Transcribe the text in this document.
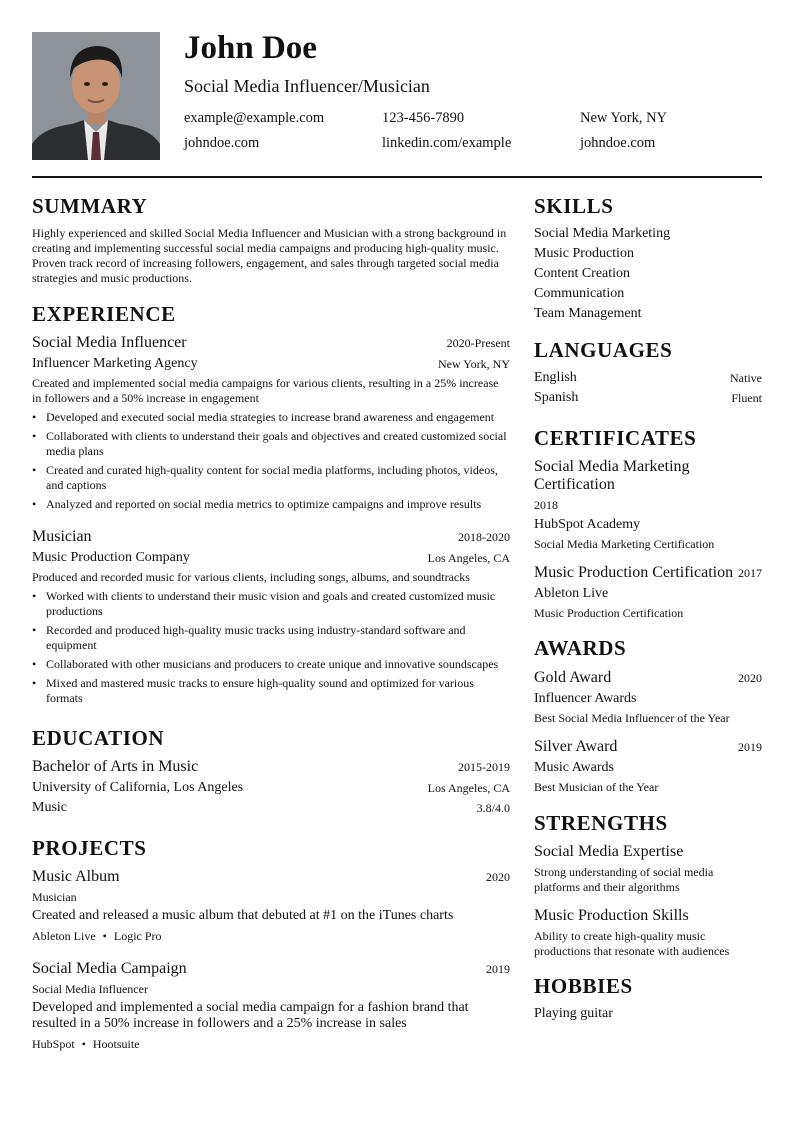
John Doe
Social Media Influencer/Musician
example@example.com	123-456-7890	New York, NY
johndoe.com	linkedin.com/example	johndoe.com
SUMMARY
Highly experienced and skilled Social Media Influencer and Musician with a strong background in creating and implementing successful social media campaigns and producing high-quality music. Proven track record of increasing followers, engagement, and sales through targeted social media strategies and music productions.
EXPERIENCE
Social Media Influencer	2020-Present
Influencer Marketing Agency	New York, NY
Created and implemented social media campaigns for various clients, resulting in a 25% increase in followers and a 50% increase in engagement
• Developed and executed social media strategies to increase brand awareness and engagement
• Collaborated with clients to understand their goals and objectives and created customized social media plans
• Created and curated high-quality content for social media platforms, including photos, videos, and captions
• Analyzed and reported on social media metrics to optimize campaigns and improve results
Musician	2018-2020
Music Production Company	Los Angeles, CA
Produced and recorded music for various clients, including songs, albums, and soundtracks
• Worked with clients to understand their music vision and goals and created customized music productions
• Recorded and produced high-quality music tracks using industry-standard software and equipment
• Collaborated with other musicians and producers to create unique and innovative soundscapes
• Mixed and mastered music tracks to ensure high-quality sound and optimized for various formats
EDUCATION
Bachelor of Arts in Music	2015-2019
University of California, Los Angeles	Los Angeles, CA
Music	3.8/4.0
PROJECTS
Music Album	2020
Musician
Created and released a music album that debuted at #1 on the iTunes charts
Ableton Live • Logic Pro
Social Media Campaign	2019
Social Media Influencer
Developed and implemented a social media campaign for a fashion brand that resulted in a 50% increase in followers and a 25% increase in sales
HubSpot • Hootsuite
SKILLS
Social Media Marketing
Music Production
Content Creation
Communication
Team Management
LANGUAGES
English	Native
Spanish	Fluent
CERTIFICATES
Social Media Marketing Certification
2018
HubSpot Academy
Social Media Marketing Certification
Music Production Certification 2017
Ableton Live
Music Production Certification
AWARDS
Gold Award	2020
Influencer Awards
Best Social Media Influencer of the Year
Silver Award	2019
Music Awards
Best Musician of the Year
STRENGTHS
Social Media Expertise
Strong understanding of social media platforms and their algorithms
Music Production Skills
Ability to create high-quality music productions that resonate with audiences
HOBBIES
Playing guitar
